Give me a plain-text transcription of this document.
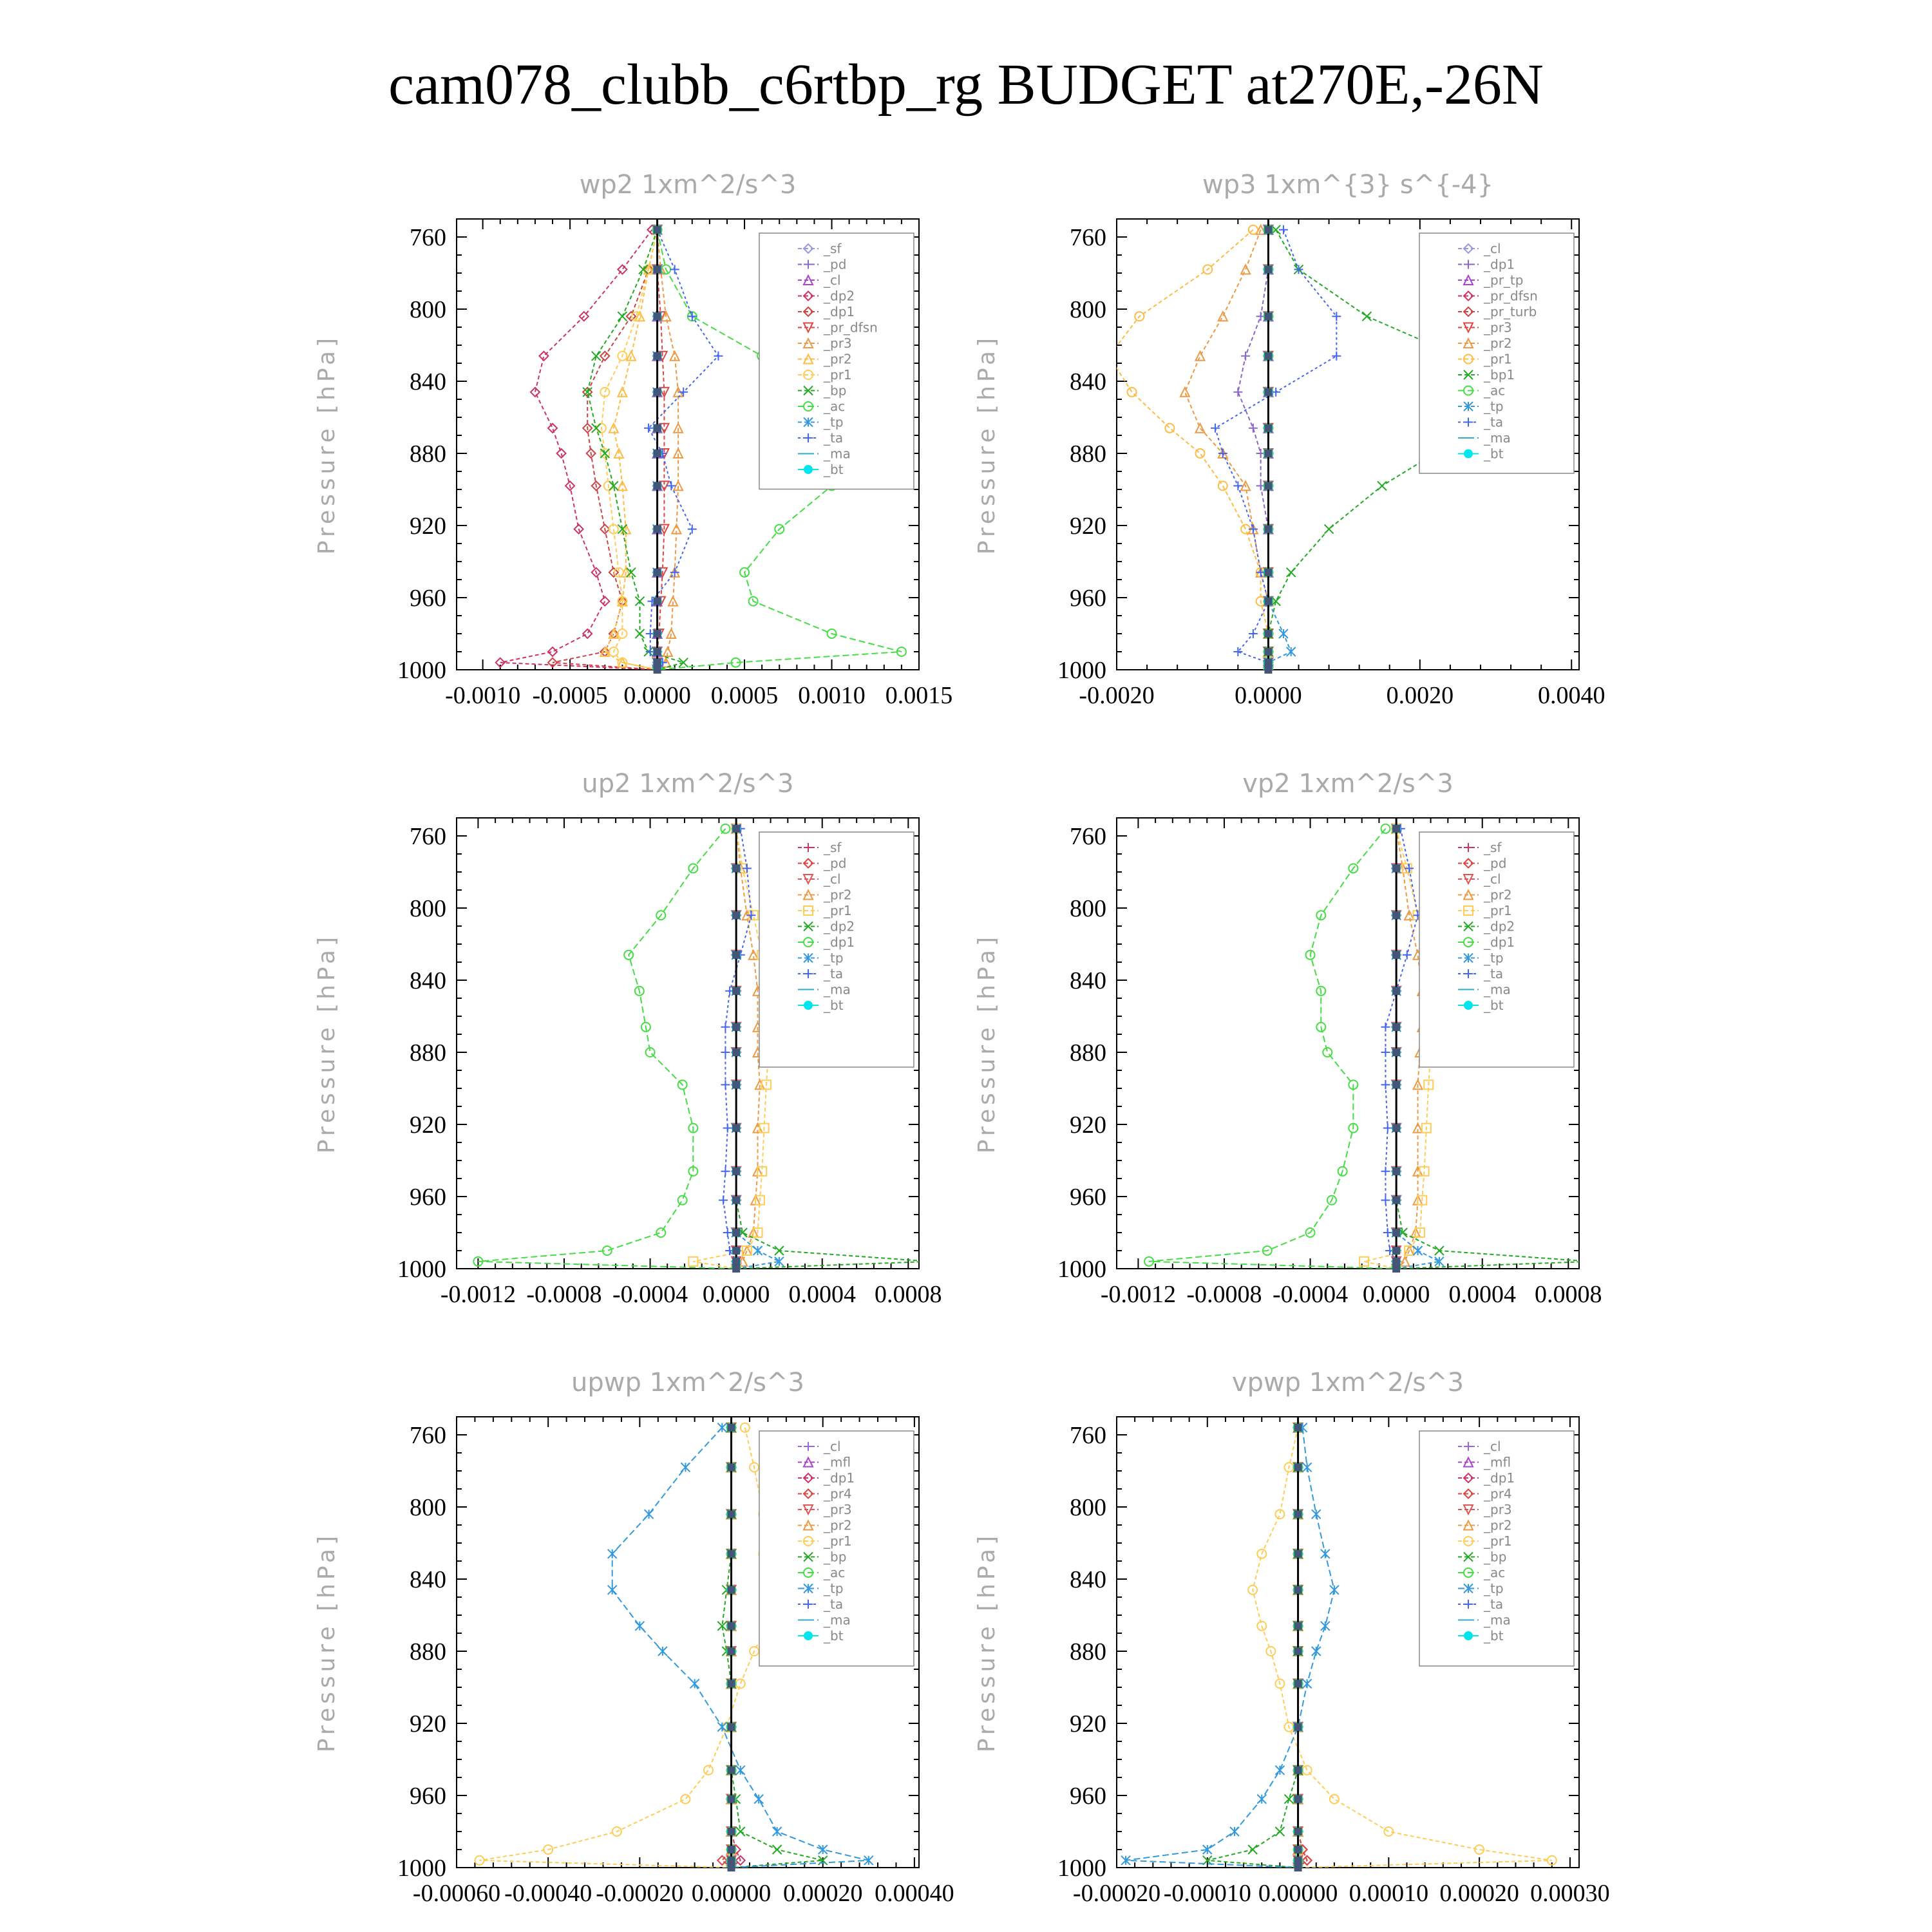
cam078_clubb_c6rtbp_rg BUDGET at270E,-26N
wp2 1xm^2/s^3
Pressure [hPa]
760
800
840
880
920
960
1000
-0.0010 -0.0005 0.0000 0.0005 0.0010 0.0015
_sf
_pd
_cl
_dp2
_dp1
_pr_dfsn
_pr3
_pr2
_pr1
_bp
_ac
_tp
_ta
_ma
_bt
wp3 1xm^{3} s^{-4}
Pressure [hPa]
760
800
840
880
920
960
1000
-0.0020	0.0000	0.0020	0.0040
_cl
_dp1
_pr_tp
_pr_dfsn
_pr_turb
_pr3
_pr2
_pr1
_bp1
_ac
_tp
_ta
_ma
_bt
up2 1xm^2/s^3
Pressure [hPa]
760
800
840
880
920
960
1000
-0.0012 -0.0008 -0.0004 0.0000 0.0004 0.0008
_sf
_pd
_cl
_pr2
_pr1
_dp2
_dp1
_tp
_ta
_ma
_bt
vp2 1xm^2/s^3
Pressure [hPa]
760
800
840
880
920
960
1000
-0.0012 -0.0008 -0.0004 0.0000 0.0004 0.0008
_sf
_pd
_cl
_pr2
_pr1
_dp2
_dp1
_tp
_ta
_ma
_bt
upwp 1xm^2/s^3
Pressure [hPa]
760
800
840
880
920
960
1000
-0.00060 -0.00040 -0.00020 0.00000 0.00020 0.00040
_cl
_mfl
_dp1
_pr4
_pr3
_pr2
_pr1
_bp
_ac
_tp
_ta
_ma
_bt
vpwp 1xm^2/s^3
Pressure [hPa]
760
800
840
880
920
960
1000
-0.00020 -0.00010 0.00000 0.00010 0.00020 0.00030
_cl
_mfl
_dp1
_pr4
_pr3
_pr2
_pr1
_bp
_ac
_tp
_ta
_ma
_bt
